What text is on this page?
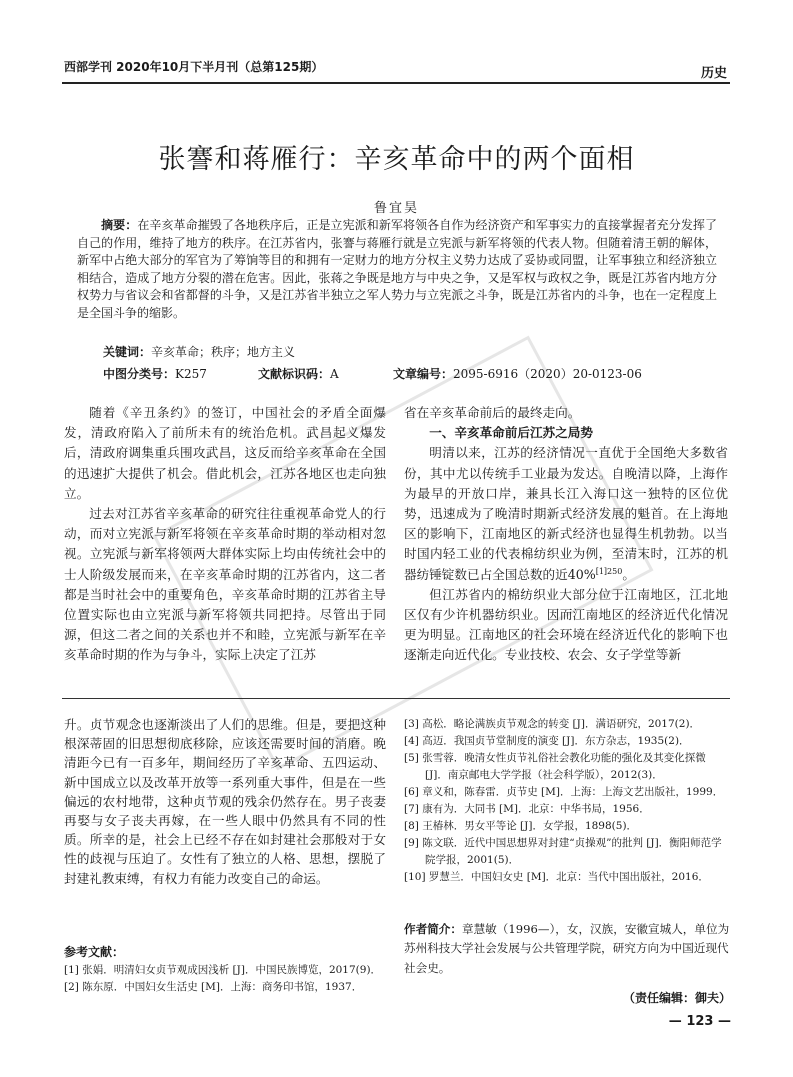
西部学刊 2020年10月下半月刊（总第125期）	历史
张謇和蒋雁行：辛亥革命中的两个面相
鲁宜昊
摘要：在辛亥革命摧毁了各地秩序后，正是立宪派和新军将领各自作为经济资产和军事实力的直接掌握者充分发挥了自己的作用，维持了地方的秩序。在江苏省内，张謇与蒋雁行就是立宪派与新军将领的代表人物。但随着清王朝的解体，新军中占绝大部分的军官为了筹饷等目的和拥有一定财力的地方分权主义势力达成了妥协或同盟，让军事独立和经济独立相结合，造成了地方分裂的潜在危害。因此，张蒋之争既是地方与中央之争，又是军权与政权之争，既是江苏省内地方分权势力与省议会和省都督的斗争，又是江苏省半独立之军人势力与立宪派之斗争，既是江苏省内的斗争，也在一定程度上是全国斗争的缩影。
关键词：辛亥革命；秩序；地方主义
中图分类号：K257	文献标识码：A	文章编号：2095-6916（2020）20-0123-06

随着《辛丑条约》的签订，中国社会的矛盾全面爆发，清政府陷入了前所未有的统治危机。武昌起义爆发后，清政府调集重兵围攻武昌，这反而给辛亥革命在全国的迅速扩大提供了机会。借此机会，江苏各地区也走向独立。

过去对江苏省辛亥革命的研究往往重视革命党人的行动，而对立宪派与新军将领在辛亥革命时期的举动相对忽视。立宪派与新军将领两大群体实际上均由传统社会中的士人阶级发展而来，在辛亥革命时期的江苏省内，这二者都是当时社会中的重要角色，辛亥革命时期的江苏省主导位置实际也由立宪派与新军将领共同把持。尽管出于同源，但这二者之间的关系也并不和睦，立宪派与新军在辛亥革命时期的作为与争斗，实际上决定了江苏

省在辛亥革命前后的最终走向。

一、辛亥革命前后江苏之局势

明清以来，江苏的经济情况一直优于全国绝大多数省份，其中尤以传统手工业最为发达。自晚清以降，上海作为最早的开放口岸，兼具长江入海口这一独特的区位优势，迅速成为了晚清时期新式经济发展的魁首。在上海地区的影响下，江南地区的新式经济也显得生机勃勃。以当时国内轻工业的代表棉纺织业为例，至清末时，江苏的机器纺锤锭数已占全国总数的近40%$^{[1]250}$。

但江苏省内的棉纺织业大部分位于江南地区，江北地区仅有少许机器纺织业。因而江南地区的经济近代化情况更为明显。江南地区的社会环境在经济近代化的影响下也逐渐走向近代化。专业技校、农会、女子学堂等新

升。贞节观念也逐渐淡出了人们的思维。但是，要把这种根深蒂固的旧思想彻底移除，应该还需要时间的消磨。晚清距今已有一百多年，期间经历了辛亥革命、五四运动、新中国成立以及改革开放等一系列重大事件，但是在一些偏远的农村地带，这种贞节观的残余仍然存在。男子丧妻再娶与女子丧夫再嫁，在一些人眼中仍然具有不同的性质。所幸的是，社会上已经不存在如封建社会那般对于女性的歧视与压迫了。女性有了独立的人格、思想，摆脱了封建礼教束缚，有权力有能力改变自己的命运。
参考文献：
[1] 张娟．明清妇女贞节观成因浅析 [J]．中国民族博览，2017(9)．
[2] 陈东原．中国妇女生活史 [M]．上海：商务印书馆，1937．
[3] 高松．略论满族贞节观念的转变 [J]．满语研究，2017(2)．
[4] 高迈．我国贞节堂制度的演变 [J]．东方杂志，1935(2)．
[5] 张雪蓉．晚清女性贞节礼俗社会教化功能的强化及其变化探微 [J]．南京邮电大学学报（社会科学版），2012(3)．
[6] 章义和，陈春雷．贞节史 [M]．上海：上海文艺出版社，1999．
[7] 康有为．大同书 [M]．北京：中华书局，1956．
[8] 王椿林．男女平等论 [J]．女学报，1898(5)．
[9] 陈文联．近代中国思想界对封建“贞操观”的批判 [J]．衡阳师范学院学报，2001(5)．
[10] 罗慧兰．中国妇女史 [M]．北京：当代中国出版社，2016．
作者简介：章慧敏（1996—），女，汉族，安徽宣城人，单位为苏州科技大学社会发展与公共管理学院，研究方向为中国近现代社会史。
（责任编辑：御夫）
— 123 —
